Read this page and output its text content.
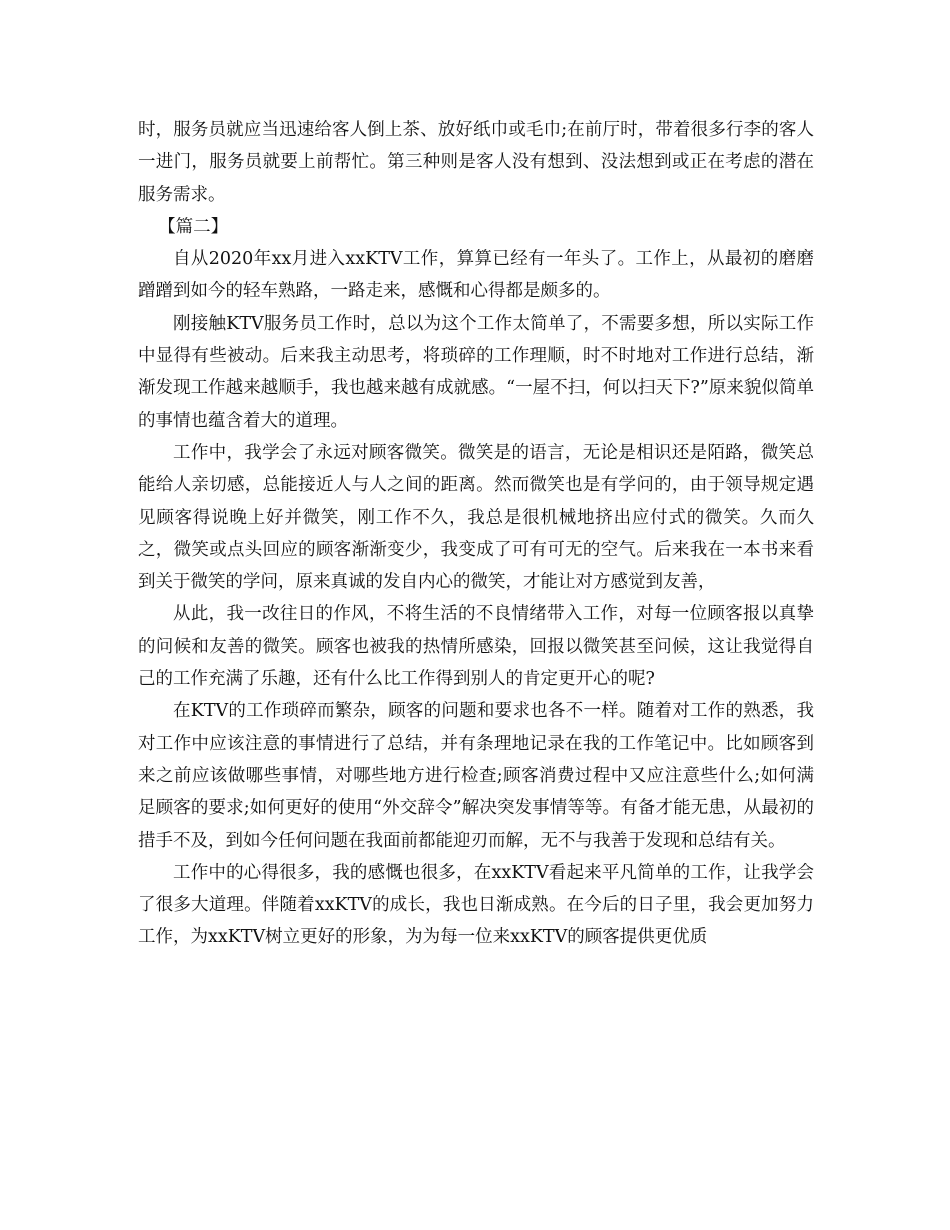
时，服务员就应当迅速给客人倒上茶、放好纸巾或毛巾;在前厅时，带着很多行李的客人一进门，服务员就要上前帮忙。第三种则是客人没有想到、没法想到或正在考虑的潜在服务需求。

【篇二】

自从2020年xx月进入xxKTV工作，算算已经有一年头了。工作上，从最初的磨磨蹭蹭到如今的轻车熟路，一路走来，感慨和心得都是颇多的。

刚接触KTV服务员工作时，总以为这个工作太简单了，不需要多想，所以实际工作中显得有些被动。后来我主动思考，将琐碎的工作理顺，时不时地对工作进行总结，渐渐发现工作越来越顺手，我也越来越有成就感。“一屋不扫，何以扫天下?”原来貌似简单的事情也蕴含着大的道理。

工作中，我学会了永远对顾客微笑。微笑是的语言，无论是相识还是陌路，微笑总能给人亲切感，总能接近人与人之间的距离。然而微笑也是有学问的，由于领导规定遇见顾客得说晚上好并微笑，刚工作不久，我总是很机械地挤出应付式的微笑。久而久之，微笑或点头回应的顾客渐渐变少，我变成了可有可无的空气。后来我在一本书来看到关于微笑的学问，原来真诚的发自内心的微笑，才能让对方感觉到友善，

从此，我一改往日的作风，不将生活的不良情绪带入工作，对每一位顾客报以真挚的问候和友善的微笑。顾客也被我的热情所感染，回报以微笑甚至问候，这让我觉得自己的工作充满了乐趣，还有什么比工作得到别人的肯定更开心的呢?

在KTV的工作琐碎而繁杂，顾客的问题和要求也各不一样。随着对工作的熟悉，我对工作中应该注意的事情进行了总结，并有条理地记录在我的工作笔记中。比如顾客到来之前应该做哪些事情，对哪些地方进行检查;顾客消费过程中又应注意些什么;如何满足顾客的要求;如何更好的使用“外交辞令”解决突发事情等等。有备才能无患，从最初的措手不及，到如今任何问题在我面前都能迎刃而解，无不与我善于发现和总结有关。

工作中的心得很多，我的感慨也很多，在xxKTV看起来平凡简单的工作，让我学会了很多大道理。伴随着xxKTV的成长，我也日渐成熟。在今后的日子里，我会更加努力工作，为xxKTV树立更好的形象，为为每一位来xxKTV的顾客提供更优质
